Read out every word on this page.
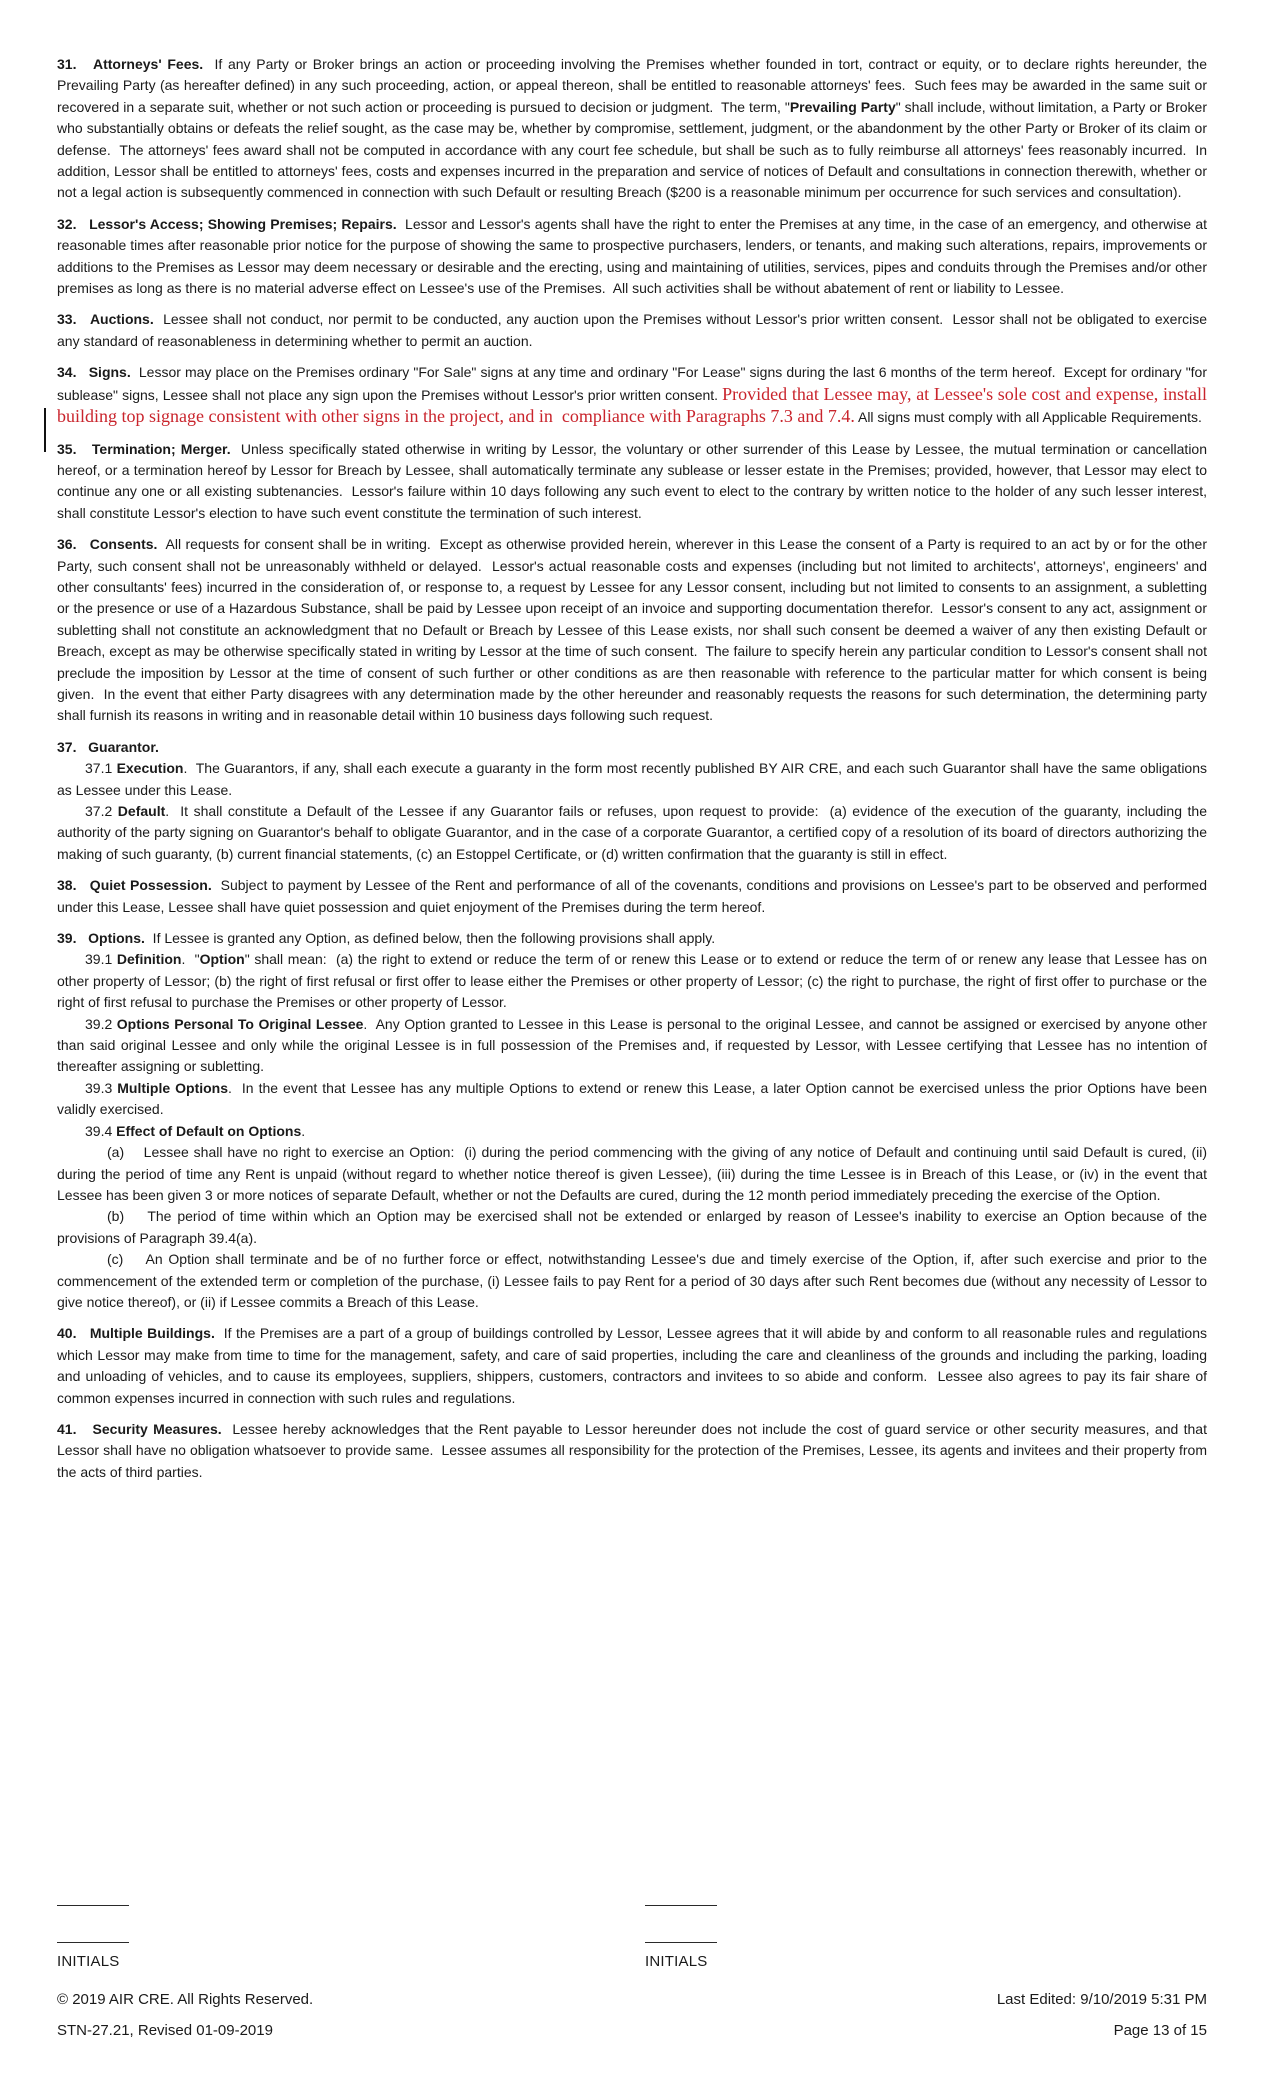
31.   Attorneys' Fees.  If any Party or Broker brings an action or proceeding involving the Premises whether founded in tort, contract or equity, or to declare rights hereunder, the Prevailing Party (as hereafter defined) in any such proceeding, action, or appeal thereon, shall be entitled to reasonable attorneys' fees.  Such fees may be awarded in the same suit or recovered in a separate suit, whether or not such action or proceeding is pursued to decision or judgment.  The term, "Prevailing Party" shall include, without limitation, a Party or Broker who substantially obtains or defeats the relief sought, as the case may be, whether by compromise, settlement, judgment, or the abandonment by the other Party or Broker of its claim or defense.  The attorneys' fees award shall not be computed in accordance with any court fee schedule, but shall be such as to fully reimburse all attorneys' fees reasonably incurred.  In addition, Lessor shall be entitled to attorneys' fees, costs and expenses incurred in the preparation and service of notices of Default and consultations in connection therewith, whether or not a legal action is subsequently commenced in connection with such Default or resulting Breach ($200 is a reasonable minimum per occurrence for such services and consultation).

32.   Lessor's Access; Showing Premises; Repairs.  Lessor and Lessor's agents shall have the right to enter the Premises at any time, in the case of an emergency, and otherwise at reasonable times after reasonable prior notice for the purpose of showing the same to prospective purchasers, lenders, or tenants, and making such alterations, repairs, improvements or additions to the Premises as Lessor may deem necessary or desirable and the erecting, using and maintaining of utilities, services, pipes and conduits through the Premises and/or other premises as long as there is no material adverse effect on Lessee's use of the Premises.  All such activities shall be without abatement of rent or liability to Lessee.

33.   Auctions.  Lessee shall not conduct, nor permit to be conducted, any auction upon the Premises without Lessor's prior written consent.  Lessor shall not be obligated to exercise any standard of reasonableness in determining whether to permit an auction.

34.   Signs.  Lessor may place on the Premises ordinary "For Sale" signs at any time and ordinary "For Lease" signs during the last 6 months of the term hereof.  Except for ordinary "for sublease" signs, Lessee shall not place any sign upon the Premises without Lessor's prior written consent. Provided that Lessee may, at Lessee's sole cost and expense, install building top signage consistent with other signs in the project, and in  compliance with Paragraphs 7.3 and 7.4. All signs must comply with all Applicable Requirements.

35.   Termination; Merger.  Unless specifically stated otherwise in writing by Lessor, the voluntary or other surrender of this Lease by Lessee, the mutual termination or cancellation hereof, or a termination hereof by Lessor for Breach by Lessee, shall automatically terminate any sublease or lesser estate in the Premises; provided, however, that Lessor may elect to continue any one or all existing subtenancies.  Lessor's failure within 10 days following any such event to elect to the contrary by written notice to the holder of any such lesser interest, shall constitute Lessor's election to have such event constitute the termination of such interest.

36.   Consents.  All requests for consent shall be in writing.  Except as otherwise provided herein, wherever in this Lease the consent of a Party is required to an act by or for the other Party, such consent shall not be unreasonably withheld or delayed.  Lessor's actual reasonable costs and expenses (including but not limited to architects', attorneys', engineers' and other consultants' fees) incurred in the consideration of, or response to, a request by Lessee for any Lessor consent, including but not limited to consents to an assignment, a subletting or the presence or use of a Hazardous Substance, shall be paid by Lessee upon receipt of an invoice and supporting documentation therefor.  Lessor's consent to any act, assignment or subletting shall not constitute an acknowledgment that no Default or Breach by Lessee of this Lease exists, nor shall such consent be deemed a waiver of any then existing Default or Breach, except as may be otherwise specifically stated in writing by Lessor at the time of such consent.  The failure to specify herein any particular condition to Lessor's consent shall not preclude the imposition by Lessor at the time of consent of such further or other conditions as are then reasonable with reference to the particular matter for which consent is being given.  In the event that either Party disagrees with any determination made by the other hereunder and reasonably requests the reasons for such determination, the determining party shall furnish its reasons in writing and in reasonable detail within 10 business days following such request.

37.   Guarantor.

37.1 Execution.  The Guarantors, if any, shall each execute a guaranty in the form most recently published BY AIR CRE, and each such Guarantor shall have the same obligations as Lessee under this Lease.

37.2 Default.  It shall constitute a Default of the Lessee if any Guarantor fails or refuses, upon request to provide:  (a) evidence of the execution of the guaranty, including the authority of the party signing on Guarantor's behalf to obligate Guarantor, and in the case of a corporate Guarantor, a certified copy of a resolution of its board of directors authorizing the making of such guaranty, (b) current financial statements, (c) an Estoppel Certificate, or (d) written confirmation that the guaranty is still in effect.

38.   Quiet Possession.  Subject to payment by Lessee of the Rent and performance of all of the covenants, conditions and provisions on Lessee's part to be observed and performed under this Lease, Lessee shall have quiet possession and quiet enjoyment of the Premises during the term hereof.

39.   Options.  If Lessee is granted any Option, as defined below, then the following provisions shall apply.

39.1 Definition.  "Option" shall mean:  (a) the right to extend or reduce the term of or renew this Lease or to extend or reduce the term of or renew any lease that Lessee has on other property of Lessor; (b) the right of first refusal or first offer to lease either the Premises or other property of Lessor; (c) the right to purchase, the right of first offer to purchase or the right of first refusal to purchase the Premises or other property of Lessor.

39.2 Options Personal To Original Lessee.  Any Option granted to Lessee in this Lease is personal to the original Lessee, and cannot be assigned or exercised by anyone other than said original Lessee and only while the original Lessee is in full possession of the Premises and, if requested by Lessor, with Lessee certifying that Lessee has no intention of thereafter assigning or subletting.

39.3 Multiple Options.  In the event that Lessee has any multiple Options to extend or renew this Lease, a later Option cannot be exercised unless the prior Options have been validly exercised.

39.4 Effect of Default on Options.

(a)    Lessee shall have no right to exercise an Option:  (i) during the period commencing with the giving of any notice of Default and continuing until said Default is cured, (ii) during the period of time any Rent is unpaid (without regard to whether notice thereof is given Lessee), (iii) during the time Lessee is in Breach of this Lease, or (iv) in the event that Lessee has been given 3 or more notices of separate Default, whether or not the Defaults are cured, during the 12 month period immediately preceding the exercise of the Option.

(b)    The period of time within which an Option may be exercised shall not be extended or enlarged by reason of Lessee's inability to exercise an Option because of the provisions of Paragraph 39.4(a).

(c)    An Option shall terminate and be of no further force or effect, notwithstanding Lessee's due and timely exercise of the Option, if, after such exercise and prior to the commencement of the extended term or completion of the purchase, (i) Lessee fails to pay Rent for a period of 30 days after such Rent becomes due (without any necessity of Lessor to give notice thereof), or (ii) if Lessee commits a Breach of this Lease.

40.   Multiple Buildings.  If the Premises are a part of a group of buildings controlled by Lessor, Lessee agrees that it will abide by and conform to all reasonable rules and regulations which Lessor may make from time to time for the management, safety, and care of said properties, including the care and cleanliness of the grounds and including the parking, loading and unloading of vehicles, and to cause its employees, suppliers, shippers, customers, contractors and invitees to so abide and conform.  Lessee also agrees to pay its fair share of common expenses incurred in connection with such rules and regulations.

41.   Security Measures.  Lessee hereby acknowledges that the Rent payable to Lessor hereunder does not include the cost of guard service or other security measures, and that Lessor shall have no obligation whatsoever to provide same.  Lessee assumes all responsibility for the protection of the Premises, Lessee, its agents and invitees and their property from the acts of third parties.

INITIALS	INITIALS
© 2019 AIR CRE. All Rights Reserved.	Last Edited: 9/10/2019 5:31 PM
STN-27.21, Revised 01-09-2019	Page 13 of 15
